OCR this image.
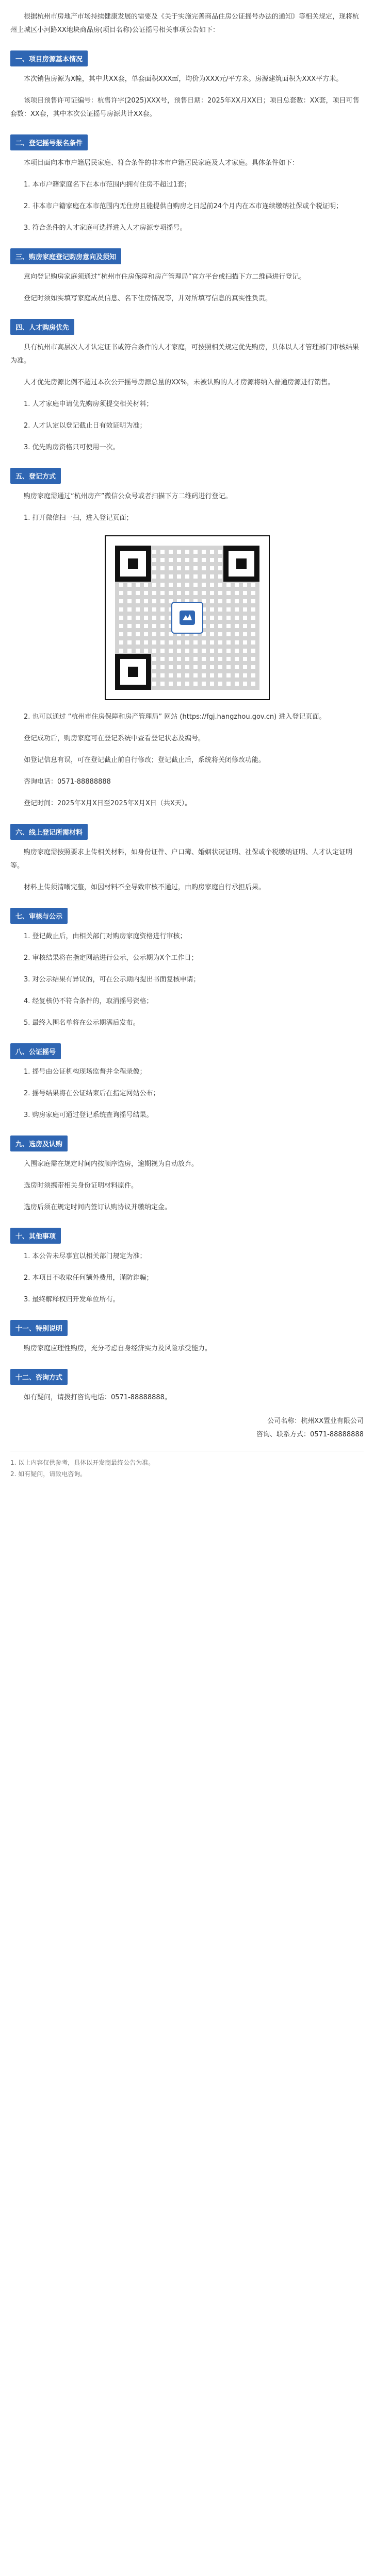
根据杭州市房地产市场持续健康发展的需要及《关于实施完善商品住房公证摇号办法的通知》等相关规定，现将杭州上城区小河路XX地块商品房(项目名称)公证摇号相关事项公告如下：

一、项目房源基本情况

本次销售房源为X幢，其中共XX套，单套面积XXX㎡，均价为XXX元/平方米。房源建筑面积为XXX平方米。

该项目预售许可证编号：杭售许字(2025)XXX号，预售日期：2025年XX月XX日；项目总套数：XX套，项目可售套数：XX套，其中本次公证摇号房源共计XX套。

二、登记摇号报名条件

本项目面向本市户籍居民家庭、符合条件的非本市户籍居民家庭及人才家庭。具体条件如下：

1. 本市户籍家庭名下在本市范围内拥有住房不超过1套；

2. 非本市户籍家庭在本市范围内无住房且能提供自购房之日起前24个月内在本市连续缴纳社保或个税证明；

3. 符合条件的人才家庭可选择进入人才房源专项摇号。

三、购房家庭登记购房意向及须知

意向登记购房家庭须通过“杭州市住房保障和房产管理局”官方平台或扫描下方二维码进行登记。

登记时须如实填写家庭成员信息、名下住房情况等，并对所填写信息的真实性负责。

四、人才购房优先

具有杭州市高层次人才认定证书或符合条件的人才家庭，可按照相关规定优先购房，具体以人才管理部门审核结果为准。

人才优先房源比例不超过本次公开摇号房源总量的XX%，未被认购的人才房源将纳入普通房源进行销售。

1. 人才家庭申请优先购房须提交相关材料；

2. 人才认定以登记截止日有效证明为准；

3. 优先购房资格只可使用一次。

五、登记方式

购房家庭需通过“杭州房产”微信公众号或者扫描下方二维码进行登记。

1. 打开微信扫一扫，进入登记页面；

2. 也可以通过 “杭州市住房保障和房产管理局” 网站 (https://fgj.hangzhou.gov.cn) 进入登记页面。

登记成功后，购房家庭可在登记系统中查看登记状态及编号。

如登记信息有误，可在登记截止前自行修改；登记截止后，系统将关闭修改功能。

咨询电话：0571-88888888

登记时间：2025年X月X日至2025年X月X日（共X天）。

六、线上登记所需材料

购房家庭需按照要求上传相关材料，如身份证件、户口簿、婚姻状况证明、社保或个税缴纳证明、人才认定证明等。

材料上传须清晰完整，如因材料不全导致审核不通过，由购房家庭自行承担后果。

七、审核与公示

1. 登记截止后，由相关部门对购房家庭资格进行审核；

2. 审核结果将在指定网站进行公示，公示期为X个工作日；

3. 对公示结果有异议的，可在公示期内提出书面复核申请；

4. 经复核仍不符合条件的，取消摇号资格；

5. 最终入围名单将在公示期满后发布。

八、公证摇号

1. 摇号由公证机构现场监督并全程录像；

2. 摇号结果将在公证结束后在指定网站公布；

3. 购房家庭可通过登记系统查询摇号结果。

九、选房及认购

入围家庭需在规定时间内按顺序选房，逾期视为自动放弃。

选房时须携带相关身份证明材料原件。

选房后须在规定时间内签订认购协议并缴纳定金。

十、其他事项

1. 本公告未尽事宜以相关部门规定为准；

2. 本项目不收取任何额外费用，谨防诈骗；

3. 最终解释权归开发单位所有。

十一、特别说明

购房家庭应理性购房，充分考虑自身经济实力及风险承受能力。

十二、咨询方式

如有疑问，请拨打咨询电话：0571-88888888。

公司名称：杭州XX置业有限公司
咨询、联系方式：0571-88888888
1. 以上内容仅供参考，具体以开发商最终公告为准。
2. 如有疑问，请致电咨询。
